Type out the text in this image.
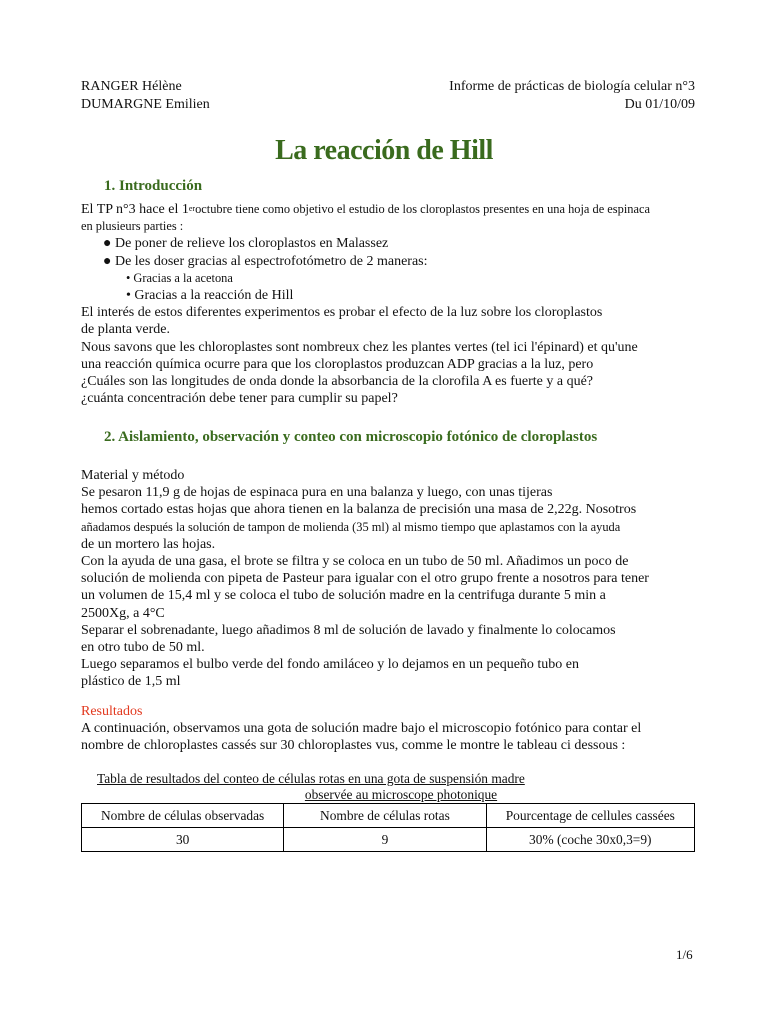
RANGER Hélène
DUMARGNE Emilien
Informe de prácticas de biología celular n°3
Du 01/10/09
La reacción de Hill
1. Introducción

El TP n°3 hace el 1eroctubre tiene como objetivo el estudio de los cloroplastos presentes en una hoja de espinaca

en plusieurs parties :

● De poner de relieve los cloroplastos en Malassez

● De les doser gracias al espectrofotómetro de 2 maneras:

• Gracias a la acetona

• Gracias a la reacción de Hill

El interés de estos diferentes experimentos es probar el efecto de la luz sobre los cloroplastos

de planta verde.

Nous savons que les chloroplastes sont nombreux chez les plantes vertes (tel ici l'épinard) et qu'une

una reacción química ocurre para que los cloroplastos produzcan ADP gracias a la luz, pero

¿Cuáles son las longitudes de onda donde la absorbancia de la clorofila A es fuerte y a qué?

¿cuánta concentración debe tener para cumplir su papel?

2. Aislamiento, observación y conteo con microscopio fotónico de cloroplastos

Material y método

Se pesaron 11,9 g de hojas de espinaca pura en una balanza y luego, con unas tijeras

hemos cortado estas hojas que ahora tienen en la balanza de precisión una masa de 2,22g. Nosotros

añadamos después la solución de tampon de molienda (35 ml) al mismo tiempo que aplastamos con la ayuda

de un mortero las hojas.

Con la ayuda de una gasa, el brote se filtra y se coloca en un tubo de 50 ml. Añadimos un poco de

solución de molienda con pipeta de Pasteur para igualar con el otro grupo frente a nosotros para tener

un volumen de 15,4 ml y se coloca el tubo de solución madre en la centrifuga durante 5 min a

2500Xg, a 4°C

Separar el sobrenadante, luego añadimos 8 ml de solución de lavado y finalmente lo colocamos

en otro tubo de 50 ml.

Luego separamos el bulbo verde del fondo amiláceo y lo dejamos en un pequeño tubo en

plástico de 1,5 ml

Resultados

A continuación, observamos una gota de solución madre bajo el microscopio fotónico para contar el

nombre de chloroplastes cassés sur 30 chloroplastes vus, comme le montre le tableau ci dessous :

Tabla de resultados del conteo de células rotas en una gota de suspensión madre
observée au microscope photonique
Nombre de células observadas	Nombre de células rotas	Pourcentage de cellules cassées
30	9	30% (coche 30x0,3=9)
1/6
